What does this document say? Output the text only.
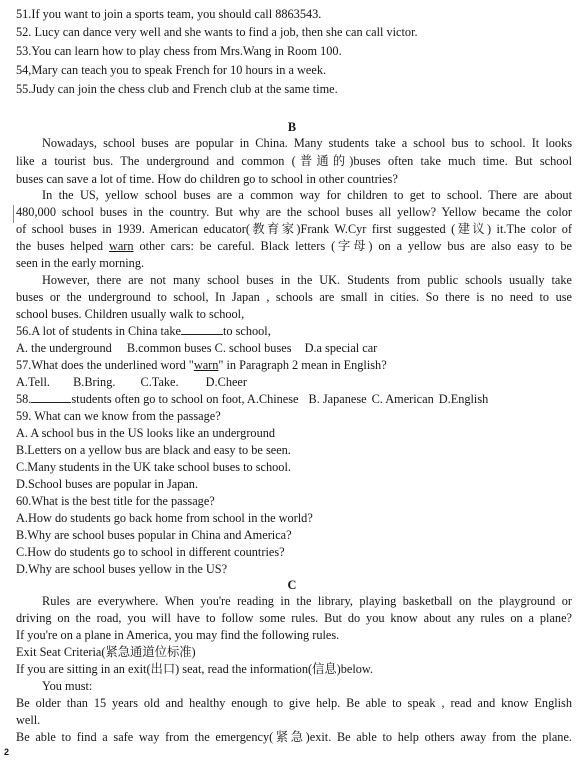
51.If you want to join a sports team, you should call 8863543.
52. Lucy can dance very well and she wants to find a job, then she can call victor.
53.You can learn how to play chess from Mrs.Wang in Room 100.
54,Mary can teach you to speak French for 10 hours in a week.
55.Judy can join the chess club and French club at the same time.
B
Nowadays, school buses are popular in China. Many students take a school bus to school. It looks
like a tourist bus. The underground and common (普通的)buses often take much time. But school
buses can save a lot of time. How do children go to school in other countries?
In the US, yellow school buses are a common way for children to get to school. There are about
480,000 school buses in the country. But why are the school buses all yellow? Yellow became the color
of school buses in 1939. American educator(教育家)Frank W.Cyr first suggested (建议) it.The color of
the buses helped warn other cars: be careful. Black letters (字母) on a yellow bus are also easy to be
seen in the early morning.
However, there are not many school buses in the UK. Students from public schools usually take
buses or the underground to school, In Japan , schools are small in cities. So there is no need to use
school buses. Children usually walk to school,
56.A lot of students in China take	to school,
A. the underground B.common buses C. school buses D.a special car
57.What does the underlined word "warn" in Paragraph 2 mean in English?
A.Tell. B.Bring. C.Take. D.Cheer
58.	students often go to school on foot, A.Chinese B. Japanese C. American D.English
59. What can we know from the passage?
A. A school bus in the US looks like an underground
B.Letters on a yellow bus are black and easy to be seen.
C.Many students in the UK take school buses to school.
D.School buses are popular in Japan.
60.What is the best title for the passage?
A.How do students go back home from school in the world?
B.Why are school buses popular in China and America?
C.How do students go to school in different countries?
D.Why are school buses yellow in the US?
C
Rules are everywhere. When you're reading in the library, playing basketball on the playground or
driving on the road, you will have to follow some rules. But do you know about any rules on a plane?
If you're on a plane in America, you may find the following rules.
Exit Seat Criteria(紧急通道位标准)
If you are sitting in an exit(出口) seat, read the information(信息)below.
You must:
Be older than 15 years old and healthy enough to give help. Be able to speak , read and know English
well.
Be able to find a safe way from the emergency(紧急)exit. Be able to help others away from the plane.
2
